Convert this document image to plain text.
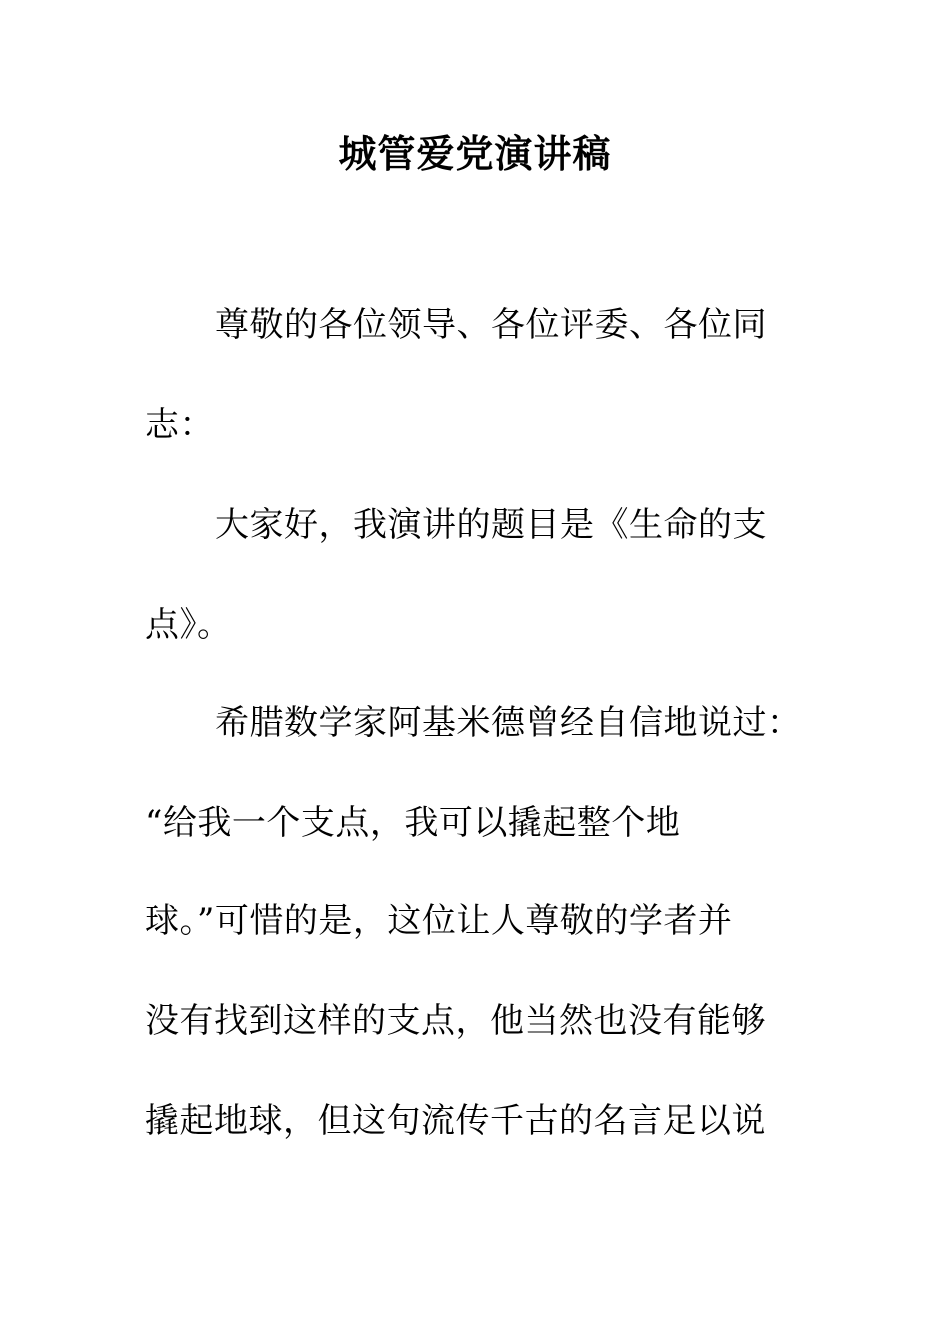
城管爱党演讲稿
尊敬的各位领导、各位评委、各位同
志：
大家好，我演讲的题目是《生命的支
点》。
希腊数学家阿基米德曾经自信地说过：
“给我一个支点，我可以撬起整个地
球。”可惜的是，这位让人尊敬的学者并
没有找到这样的支点，他当然也没有能够
撬起地球，但这句流传千古的名言足以说
